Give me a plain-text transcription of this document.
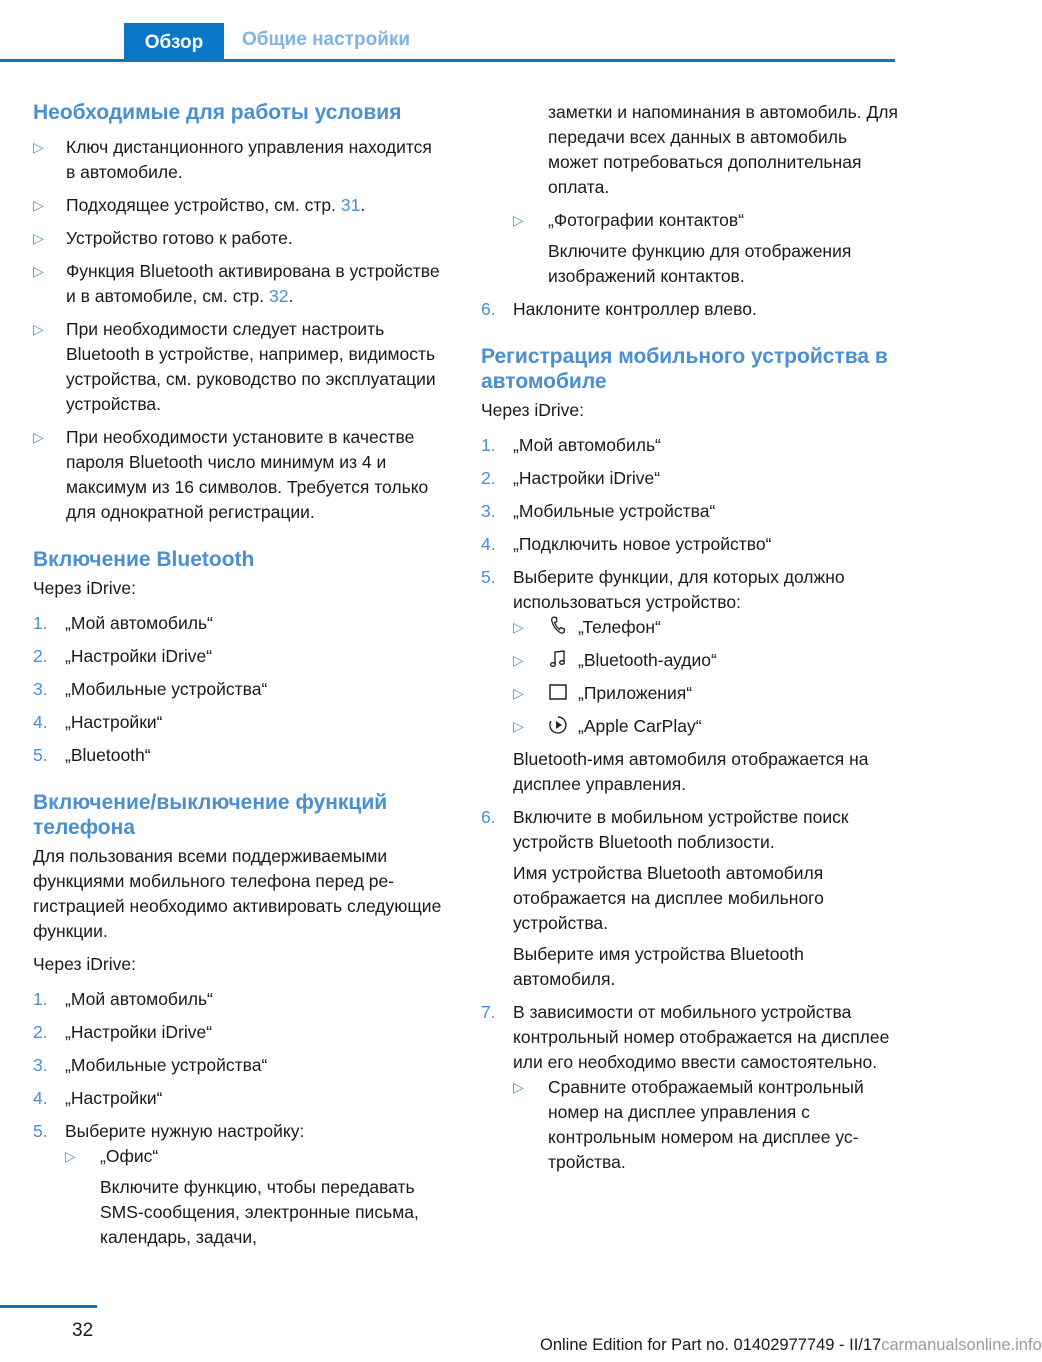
Обзор Общие настройки
Необходимые для работы условия
▷ Ключ дистанционного управления находится в автомобиле.
▷ Подходящее устройство, см. стр. 31.
▷ Устройство готово к работе.
▷ Функция Bluetooth активирована в устройстве и в автомобиле, см. стр. 32.
▷ При необходимости следует настроить Bluetooth в устройстве, например, видимость устройства, см. руководство по эксплуатации устройства.
▷ При необходимости установите в качестве пароля Bluetooth число минимум из 4 и максимум из 16 символов. Требуется только для однократной регистрации.
Включение Bluetooth
Через iDrive:
1. „Мой автомобиль“
2. „Настройки iDrive“
3. „Мобильные устройства“
4. „Настройки“
5. „Bluetooth“
Включение/выключение функций телефона
Для пользования всеми поддерживаемыми функциями мобильного телефона перед регистрацией необходимо активировать следующие функции.
Через iDrive:
1. „Мой автомобиль“
2. „Настройки iDrive“
3. „Мобильные устройства“
4. „Настройки“
5. Выберите нужную настройку:
▷ „Офис“
Включите функцию, чтобы передавать SMS-сообщения, электронные письма, календарь, задачи,
заметки и напоминания в автомобиль. Для передачи всех данных в автомобиль может потребоваться дополнительная оплата.
▷ „Фотографии контактов“
Включите функцию для отображения изображений контактов.
6. Наклоните контроллер влево.
Регистрация мобильного устройства в автомобиле
Через iDrive:
1. „Мой автомобиль“
2. „Настройки iDrive“
3. „Мобильные устройства“
4. „Подключить новое устройство“
5. Выберите функции, для которых должно использоваться устройство:
▷	„Телефон“
▷	„Bluetooth-аудио“
▷	„Приложения“
▷	„Apple CarPlay“
Bluetooth-имя автомобиля отображается на дисплее управления.
6. Включите в мобильном устройстве поиск устройств Bluetooth поблизости.
Имя устройства Bluetooth автомобиля отображается на дисплее мобильного устройства.
Выберите имя устройства Bluetooth автомобиля.
7. В зависимости от мобильного устройства контрольный номер отображается на дисплее или его необходимо ввести самостоятельно.
▷ Сравните отображаемый контрольный номер на дисплее управления с контрольным номером на дисплее устройства.
32
Online Edition for Part no. 01402977749 - II/17carmanualsonline.info
